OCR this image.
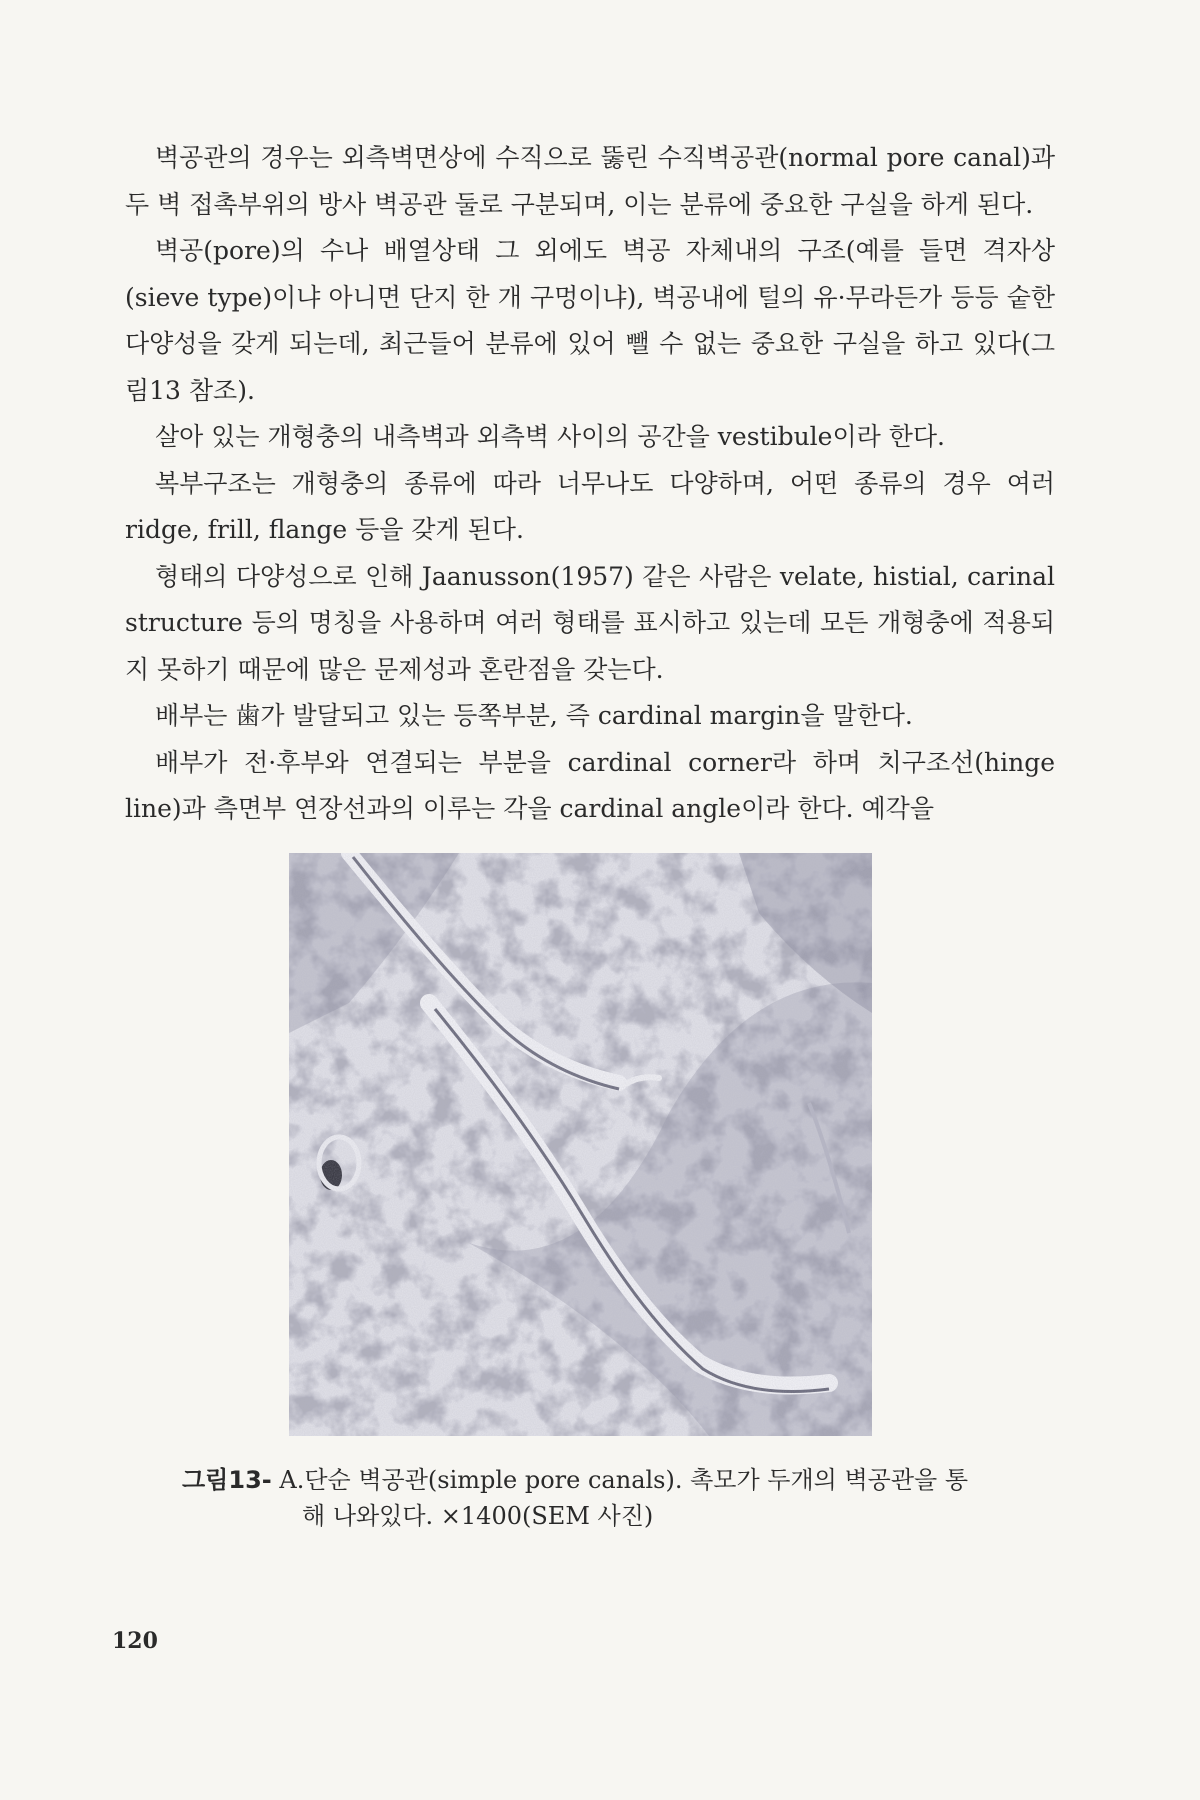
벽공관의 경우는 외측벽면상에 수직으로 뚫린 수직벽공관(normal pore canal)과 두 벽 접촉부위의 방사 벽공관 둘로 구분되며, 이는 분류에 중요한 구실을 하게 된다.

벽공(pore)의 수나 배열상태 그 외에도 벽공 자체내의 구조(예를 들면 격자상(sieve type)이냐 아니면 단지 한 개 구멍이냐), 벽공내에 털의 유·무라든가 등등 숱한 다양성을 갖게 되는데, 최근들어 분류에 있어 뺄 수 없는 중요한 구실을 하고 있다(그림13 참조).

살아 있는 개형충의 내측벽과 외측벽 사이의 공간을 vestibule이라 한다.

복부구조는 개형충의 종류에 따라 너무나도 다양하며, 어떤 종류의 경우 여러 ridge, frill, flange 등을 갖게 된다.

형태의 다양성으로 인해 Jaanusson(1957) 같은 사람은 velate, histial, carinal structure 등의 명칭을 사용하며 여러 형태를 표시하고 있는데 모든 개형충에 적용되지 못하기 때문에 많은 문제성과 혼란점을 갖는다.

배부는 歯가 발달되고 있는 등쪽부분, 즉 cardinal margin을 말한다.

배부가 전·후부와 연결되는 부분을 cardinal corner라 하며 치구조선(hinge line)과 측면부 연장선과의 이루는 각을 cardinal angle이라 한다. 예각을

그림13- A.단순 벽공관(simple pore canals). 촉모가 두개의 벽공관을 통
해 나와있다. ×1400(SEM 사진)
120
